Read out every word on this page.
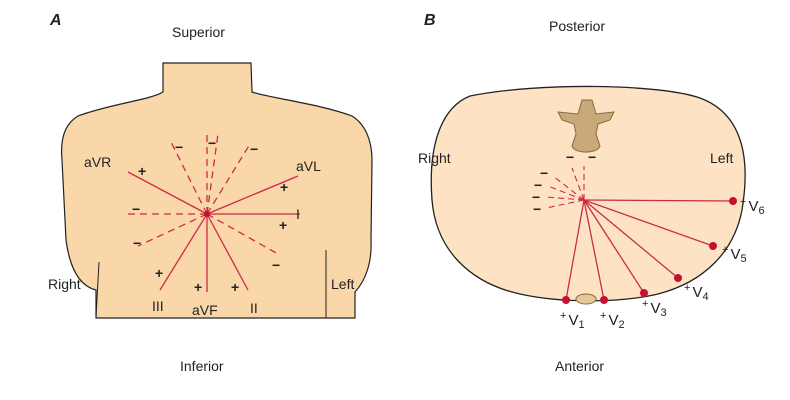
A
Superior
Inferior
Right	Left
aVR	aVL
I
III aVF II
+
+
+
+
+ +
− − −
−
−
−
B	Posterior
Anterior
Right	Left
− −
−
−
−
−
+ $V_1$
+ $V_2$
+ $V_3$
+ $V_4$
+ $V_5$
+ $V_6$
